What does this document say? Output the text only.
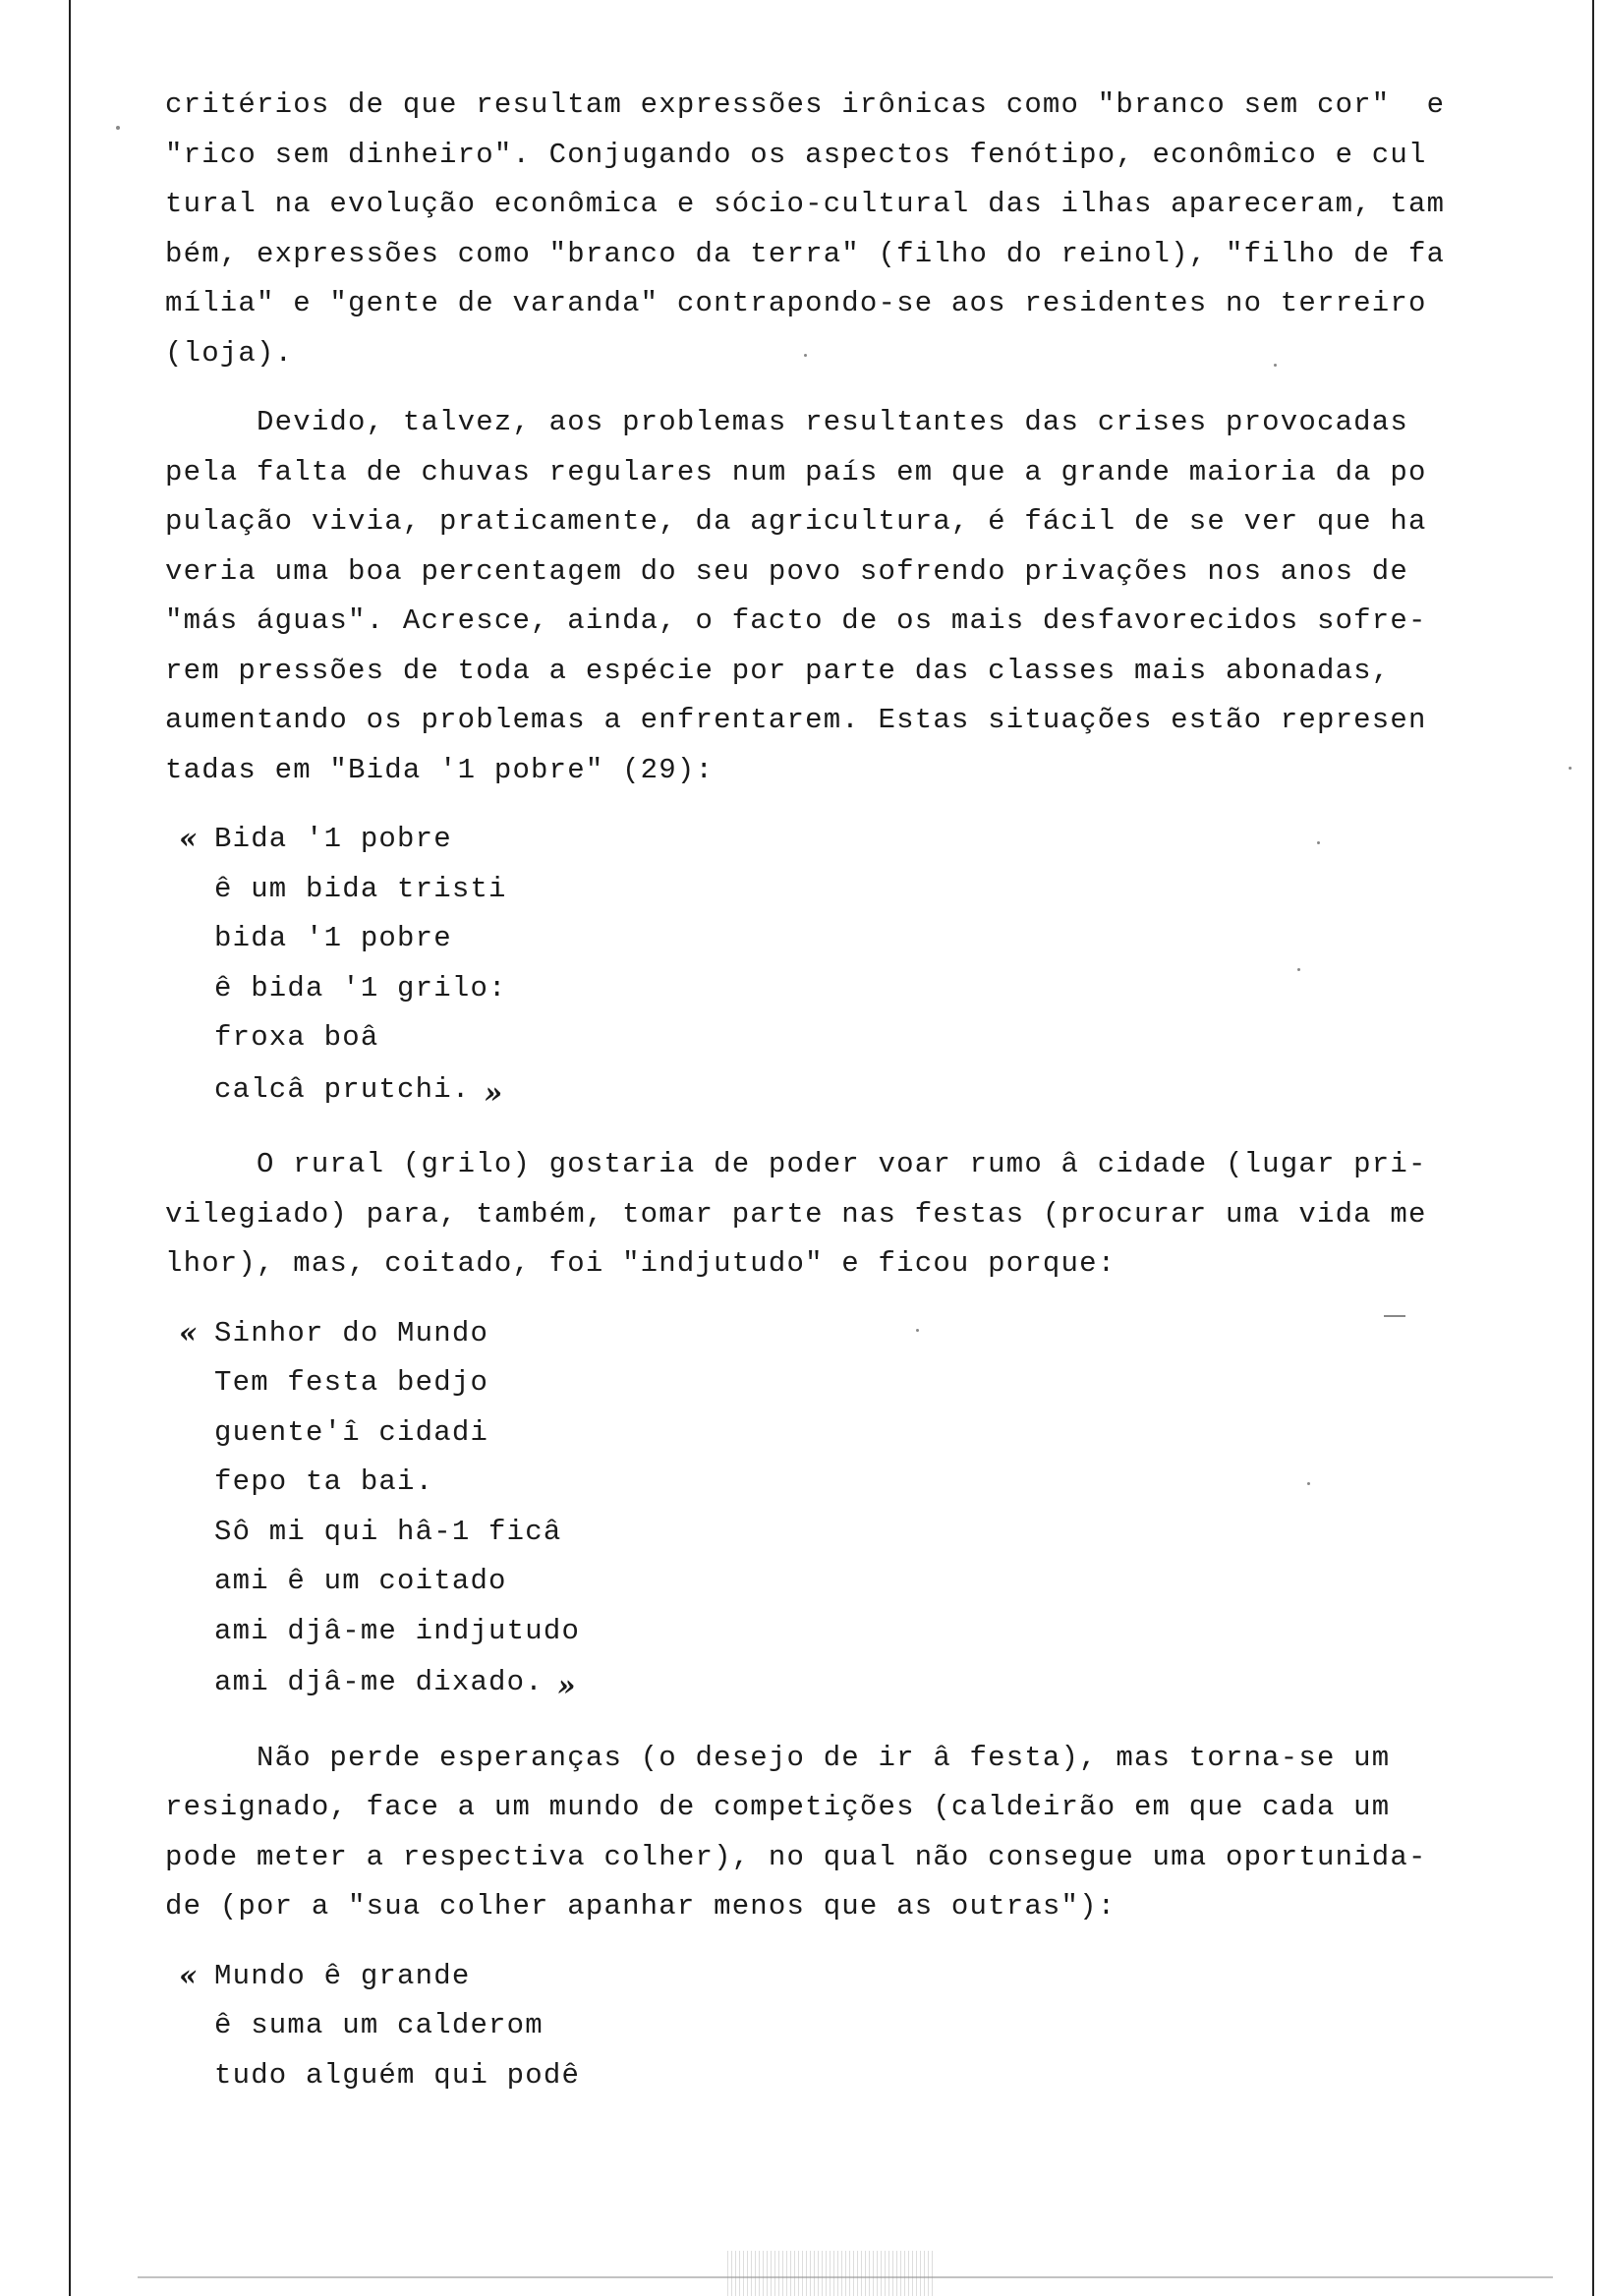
critérios de que resultam expressões irônicas como "branco sem cor"  e
"rico sem dinheiro". Conjugando os aspectos fenótipo, econômico e cul
tural na evolução econômica e sócio-cultural das ilhas apareceram, tam
bém, expressões como "branco da terra" (filho do reinol), "filho de fa
mília" e "gente de varanda" contrapondo-se aos residentes no terreiro
(loja).
Devido, talvez, aos problemas resultantes das crises provocadas
pela falta de chuvas regulares num país em que a grande maioria da po
pulação vivia, praticamente, da agricultura, é fácil de se ver que ha
veria uma boa percentagem do seu povo sofrendo privações nos anos de
"más águas". Acresce, ainda, o facto de os mais desfavorecidos sofre-
rem pressões de toda a espécie por parte das classes mais abonadas,
aumentando os problemas a enfrentarem. Estas situações estão represen
tadas em "Bida '1 pobre" (29):
« Bida '1 pobre
ê um bida tristi
bida '1 pobre
ê bida '1 grilo:
froxa boâ
calcâ prutchi. »
O rural (grilo) gostaria de poder voar rumo â cidade (lugar pri-
vilegiado) para, também, tomar parte nas festas (procurar uma vida me
lhor), mas, coitado, foi "indjutudo" e ficou porque:
« Sinhor do Mundo
Tem festa bedjo
guente'î cidadi
fepo ta bai.
Sô mi qui hâ-1 ficâ
ami ê um coitado
ami djâ-me indjutudo
ami djâ-me dixado. »
Não perde esperanças (o desejo de ir â festa), mas torna-se um
resignado, face a um mundo de competições (caldeirão em que cada um
pode meter a respectiva colher), no qual não consegue uma oportunida-
de (por a "sua colher apanhar menos que as outras"):
« Mundo ê grande
ê suma um calderom
tudo alguém qui podê
